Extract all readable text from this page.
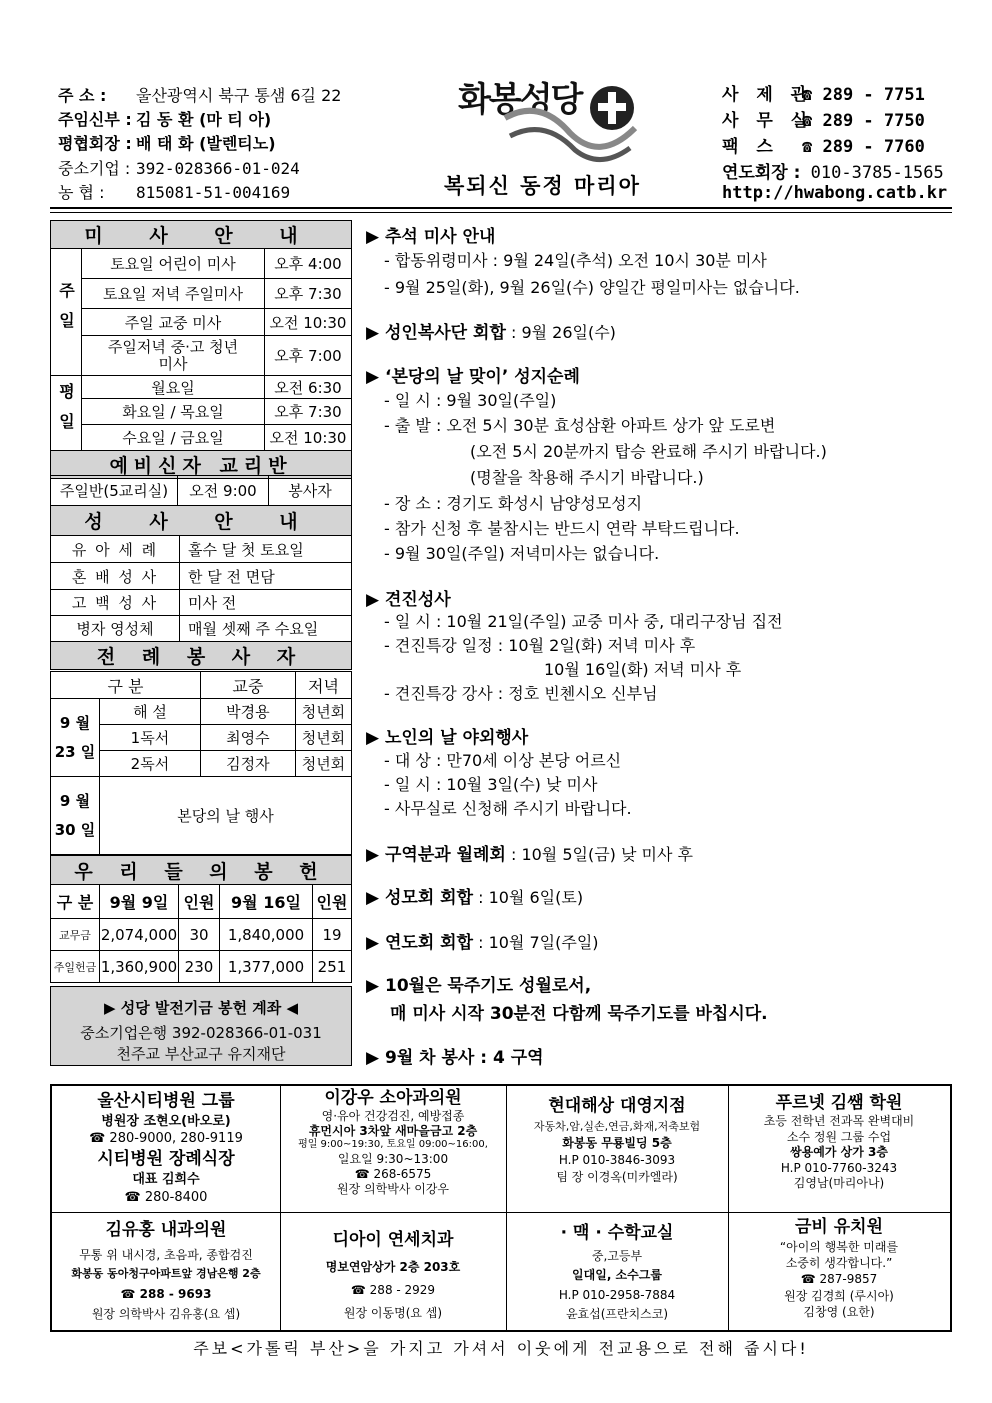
주 소 : 울산광역시 북구 통샘 6길 22
주임신부 : 김 동 환 (마 티 아)
평협회장 : 배 태 화 (발렌티노)
중소기업 : 392-028366-01-024
농 협 : 815081-51-004169
화봉성당
복되신 동정 마리아
사 제 관☎ 289 - 7751
사 무 실☎ 289 - 7750
팩 스 ☎ 289 - 7760
연도회장 : 010-3785-1565
http://hwabong.catb.kr
미 사 안 내		
주일	토요일 어린이 미사	오후 4:00
	토요일 저녁 주일미사	오후 7:30
	주일 교중 미사	오전 10:30
	주일저녁 중·고 청년미사	오후 7:00
평일	월요일	오전 6:30
	화요일 / 목요일	오후 7:30
	수요일 / 금요일	오전 10:30
예비신자 교리반		
주일반(5교리실)	오전 9:00	봉사자
성 사 안 내
유 아 세 례	홀수 달 첫 토요일
혼 배 성 사	한 달 전 면담
고 백 성 사	미사 전
병자 영성체	매월 셋째 주 수요일
전 례 봉 사 자	
구 분		교중	저녁
9 월
23 일	해 설	박경용	청년회
	1독서	최영수	청년회
	2독서	김정자	청년회
9 월
30 일	본당의 날 행사		
우 리 들 의 봉 헌				
구 분	9월 9일	인원	9월 16일	인원
교무금	2,074,000	30	1,840,000	19
주일헌금	1,360,900	230	1,377,000	251
▶ 성당 발전기금 봉헌 계좌 ◀
중소기업은행 392-028366-01-031
천주교 부산교구 유지재단
▶ 추석 미사 안내
- 합동위령미사 : 9월 24일(추석) 오전 10시 30분 미사
- 9월 25일(화), 9월 26일(수) 양일간 평일미사는 없습니다.
▶ 성인복사단 회합 : 9월 26일(수)
▶ ‘본당의 날 맞이’ 성지순례
- 일 시 : 9월 30일(주일)
- 출 발 : 오전 5시 30분 효성삼환 아파트 상가 앞 도로변
(오전 5시 20분까지 탑승 완료해 주시기 바랍니다.)
(명찰을 착용해 주시기 바랍니다.)
- 장 소 : 경기도 화성시 남양성모성지
- 참가 신청 후 불참시는 반드시 연락 부탁드립니다.
- 9월 30일(주일) 저녁미사는 없습니다.
▶ 견진성사
- 일 시 : 10월 21일(주일) 교중 미사 중, 대리구장님 집전
- 견진특강 일정 : 10월 2일(화) 저녁 미사 후
10월 16일(화) 저녁 미사 후
- 견진특강 강사 : 정호 빈첸시오 신부님
▶ 노인의 날 야외행사
- 대 상 : 만70세 이상 본당 어르신
- 일 시 : 10월 3일(수) 낮 미사
- 사무실로 신청해 주시기 바랍니다.
▶ 구역분과 월례회 : 10월 5일(금) 낮 미사 후
▶ 성모회 회합 : 10월 6일(토)
▶ 연도회 회합 : 10월 7일(주일)
▶ 10월은 묵주기도 성월로서,
매 미사 시작 30분전 다함께 묵주기도를 바칩시다.
▶ 9월 차 봉사 : 4 구역
울산시티병원 그룹
병원장 조현오(바오로)
☎ 280-9000, 280-9119
시티병원 장례식장
대표 김희수
☎ 280-8400
이강우 소아과의원
영·유아 건강검진, 예방접종
휴먼시아 3차앞 새마을금고 2층
평일 9:00~19:30, 토요일 09:00~16:00,
일요일 9:30~13:00
☎ 268-6575
원장 의학박사 이강우
현대해상 대영지점
자동차,암,실손,연금,화재,저축보험
화봉동 무룡빌딩 5층
H.P 010-3846-3093
팀 장 이경옥(미카엘라)
푸르넷 김쌤 학원
초등 전학년 전과목 완벽대비
소수 정원 그룹 수업
쌍용예가 상가 3층
H.P 010-7760-3243
김영남(마리아나)
김유홍 내과의원
무통 위 내시경, 초음파, 종합검진
화봉동 동아청구아파트앞 경남은행 2층
☎ 288 - 9693
원장 의학박사 김유홍(요 셉)
디아이 연세치과
명보연암상가 2층 203호
☎ 288 - 2929
원장 이동명(요 셉)
· 맥 · 수학교실
중,고등부
일대일, 소수그룹
H.P 010-2958-7884
윤효섭(프란치스코)
금비 유치원
“아이의 행복한 미래를
소중히 생각합니다.”
☎ 287-9857
원장 김경희 (루시아)
김창영 (요한)
주보<가톨릭 부산>을 가지고 가셔서 이웃에게 전교용으로 전해 줍시다!
